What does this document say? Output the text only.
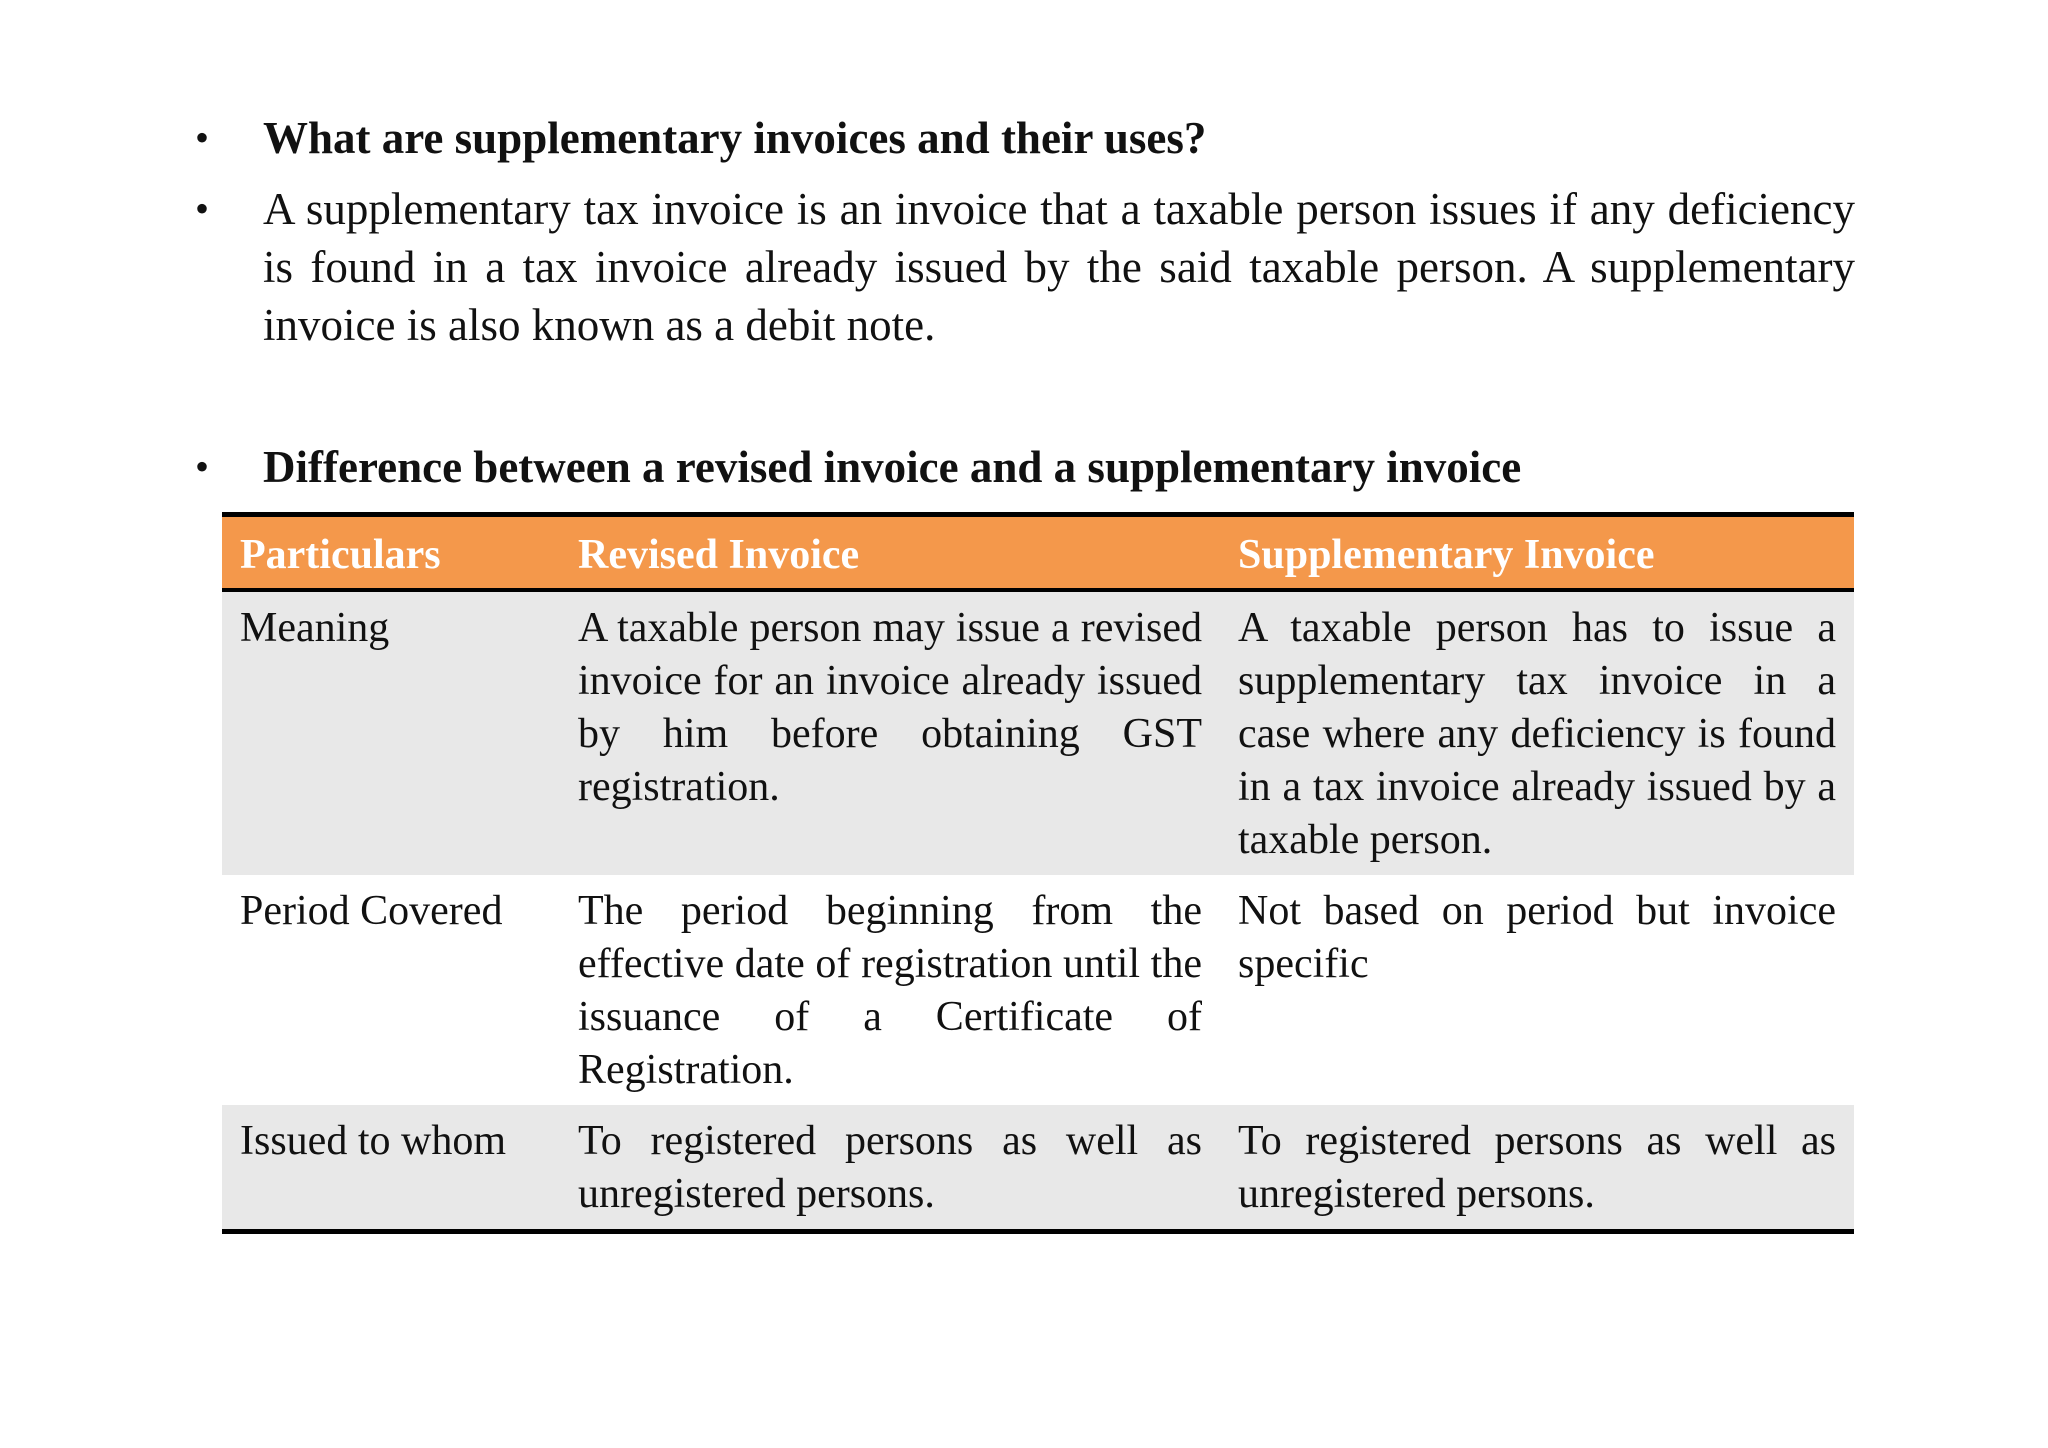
•	What are supplementary invoices and their uses?
•	A supplementary tax invoice is an invoice that a taxable person issues if any deficiency is found in a tax invoice already issued by the said taxable person. A supplementary invoice is also known as a debit note.
•	Difference between a revised invoice and a supplementary invoice
Particulars	Revised Invoice	Supplementary Invoice
Meaning	A taxable person may issue a revised invoice for an invoice already issued by him before obtaining GST registration.	A taxable person has to issue a supplementary tax invoice in a case where any deficiency is found in a tax invoice already issued by a taxable person.
Period Covered	The period beginning from the effective date of registration until the issuance of a Certificate of Registration.	Not based on period but invoice specific
Issued to whom	To registered persons as well as unregistered persons.	To registered persons as well as unregistered persons.
